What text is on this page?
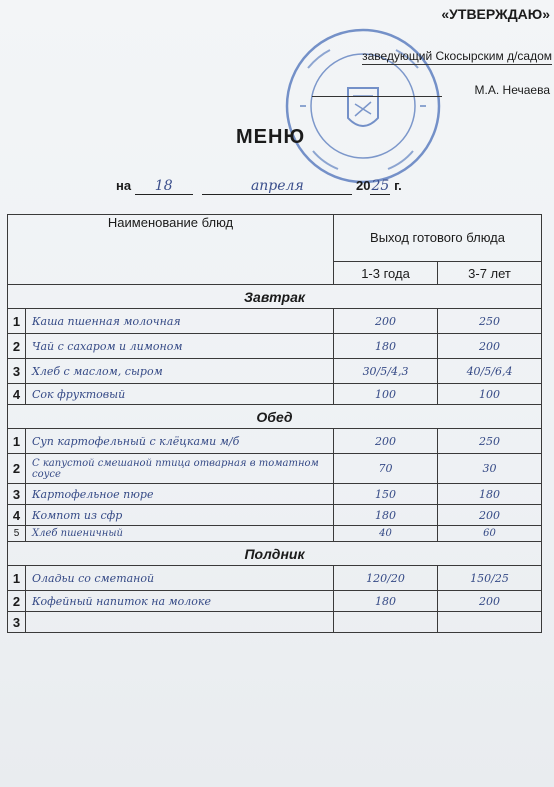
«УТВЕРЖДАЮ»
заведующий Скосырским д/садом
М.А. Нечаева
МЕНЮ
на 18	апреля	2025 г.
Наименование блюд		Выход готового блюда	
		1-3 года	3-7 лет
Завтрак			
1	Каша пшенная молочная	200	250
2	Чай с сахаром и лимоном	180	200
3	Хлеб с маслом, сыром	30/5/4,3	40/5/6,4
4	Сок фруктовый	100	100
Обед			
1	Суп картофельный с клёцками м/б	200	250
2	С капустой смешаной птица отварная в томатном соусе	70	30
3	Картофельное пюре	150	180
4	Компот из сфр	180	200
5	Хлеб пшеничный	40	60
Полдник			
1	Оладьи со сметаной	120/20	150/25
2	Кофейный напиток на молоке	180	200
3			
